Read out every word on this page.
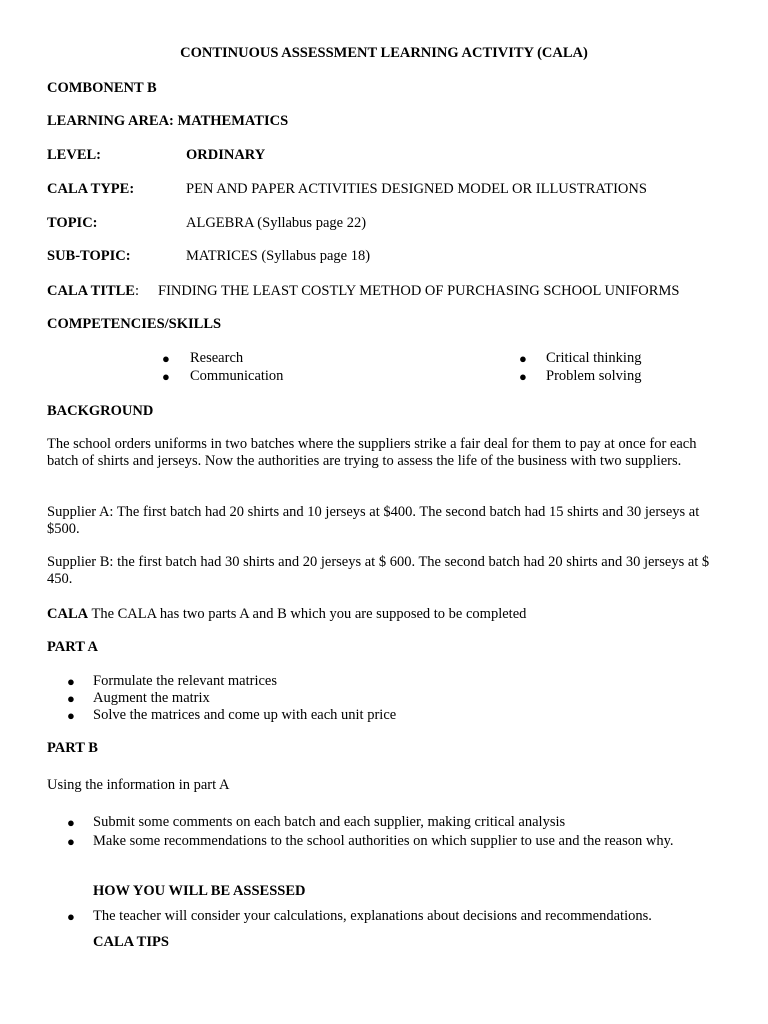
CONTINUOUS ASSESSMENT LEARNING ACTIVITY (CALA)
COMBONENT B
LEARNING AREA: MATHEMATICS
LEVEL:	ORDINARY
CALA TYPE:	PEN AND PAPER ACTIVITIES DESIGNED MODEL OR ILLUSTRATIONS
TOPIC:	ALGEBRA (Syllabus page 22)
SUB-TOPIC:	MATRICES (Syllabus page 18)
CALA TITLE: FINDING THE LEAST COSTLY METHOD OF PURCHASING SCHOOL UNIFORMS
COMPETENCIES/SKILLS
● Research
● Communication
● Critical thinking
● Problem solving
BACKGROUND
The school orders uniforms in two batches where the suppliers strike a fair deal for them to pay at once for each batch of shirts and jerseys. Now the authorities are trying to assess the life of the business with two suppliers.
Supplier A: The first batch had 20 shirts and 10 jerseys at $400. The second batch had 15 shirts and 30 jerseys at $500.
Supplier B: the first batch had 30 shirts and 20 jerseys at $ 600. The second batch had 20 shirts and 30 jerseys at $ 450.
CALA The CALA has two parts A and B which you are supposed to be completed
PART A
● Formulate the relevant matrices
● Augment the matrix
● Solve the matrices and come up with each unit price
PART B
Using the information in part A
● Submit some comments on each batch and each supplier, making critical analysis
● Make some recommendations to the school authorities on which supplier to use and the reason why.
HOW YOU WILL BE ASSESSED
● The teacher will consider your calculations, explanations about decisions and recommendations.
CALA TIPS
